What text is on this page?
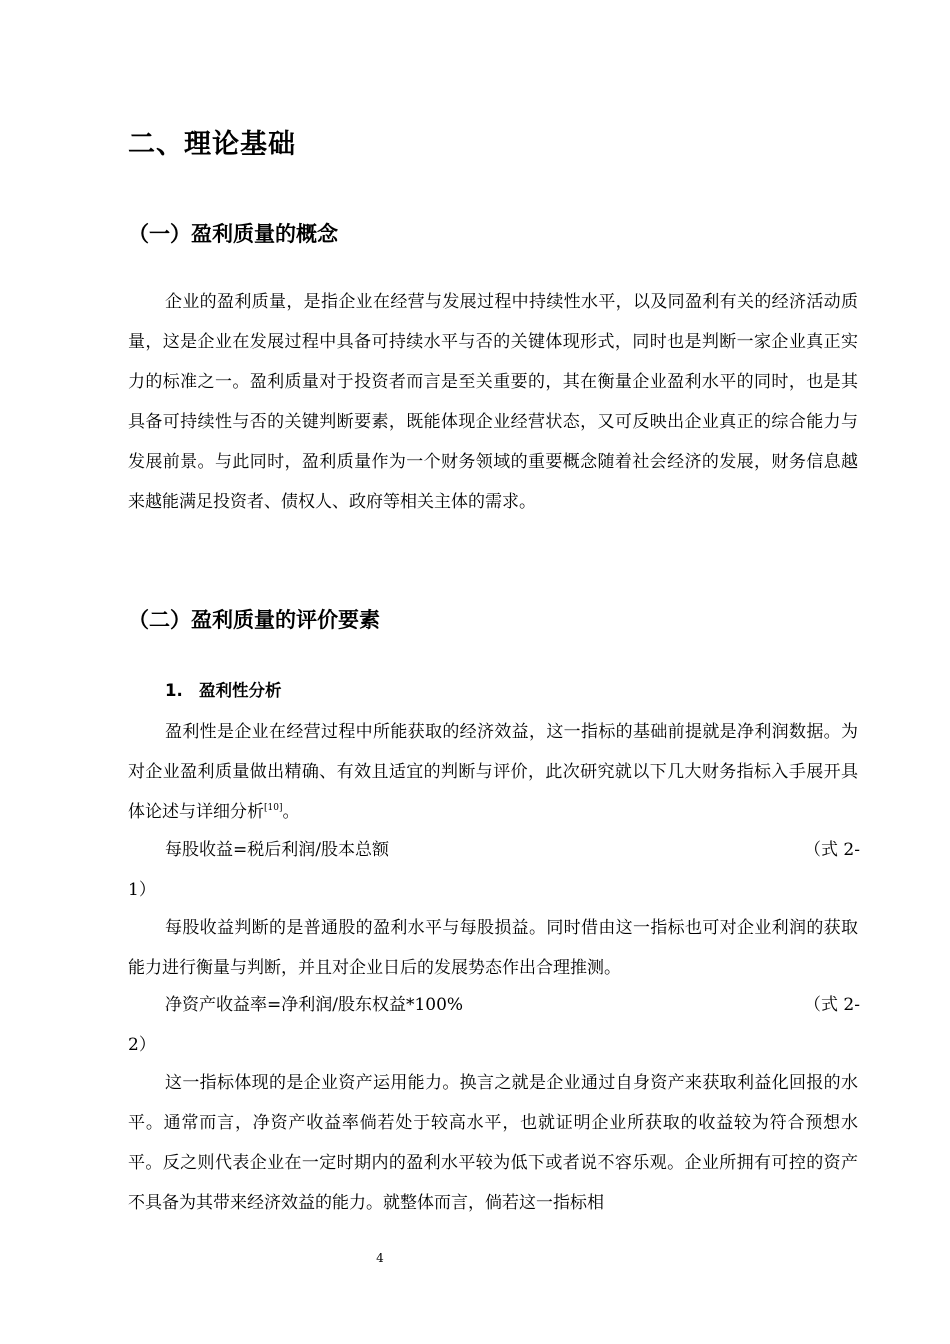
二、理论基础
（一）盈利质量的概念

企业的盈利质量，是指企业在经营与发展过程中持续性水平，以及同盈利有关的经济活动质量，这是企业在发展过程中具备可持续水平与否的关键体现形式，同时也是判断一家企业真正实力的标准之一。盈利质量对于投资者而言是至关重要的，其在衡量企业盈利水平的同时，也是其具备可持续性与否的关键判断要素，既能体现企业经营状态，又可反映出企业真正的综合能力与发展前景。与此同时，盈利质量作为一个财务领域的重要概念随着社会经济的发展，财务信息越来越能满足投资者、债权人、政府等相关主体的需求。

（二）盈利质量的评价要素
1. 盈利性分析

盈利性是企业在经营过程中所能获取的经济效益，这一指标的基础前提就是净利润数据。为对企业盈利质量做出精确、有效且适宜的判断与评价，此次研究就以下几大财务指标入手展开具体论述与详细分析[10]。

每股收益=税后利润/股本总额	（式 2-
1）

每股收益判断的是普通股的盈利水平与每股损益。同时借由这一指标也可对企业利润的获取能力进行衡量与判断，并且对企业日后的发展势态作出合理推测。

净资产收益率=净利润/股东权益*100%	（式 2-
2）

这一指标体现的是企业资产运用能力。换言之就是企业通过自身资产来获取利益化回报的水平。通常而言，净资产收益率倘若处于较高水平，也就证明企业所获取的收益较为符合预想水平。反之则代表企业在一定时期内的盈利水平较为低下或者说不容乐观。企业所拥有可控的资产不具备为其带来经济效益的能力。就整体而言，倘若这一指标相

4
